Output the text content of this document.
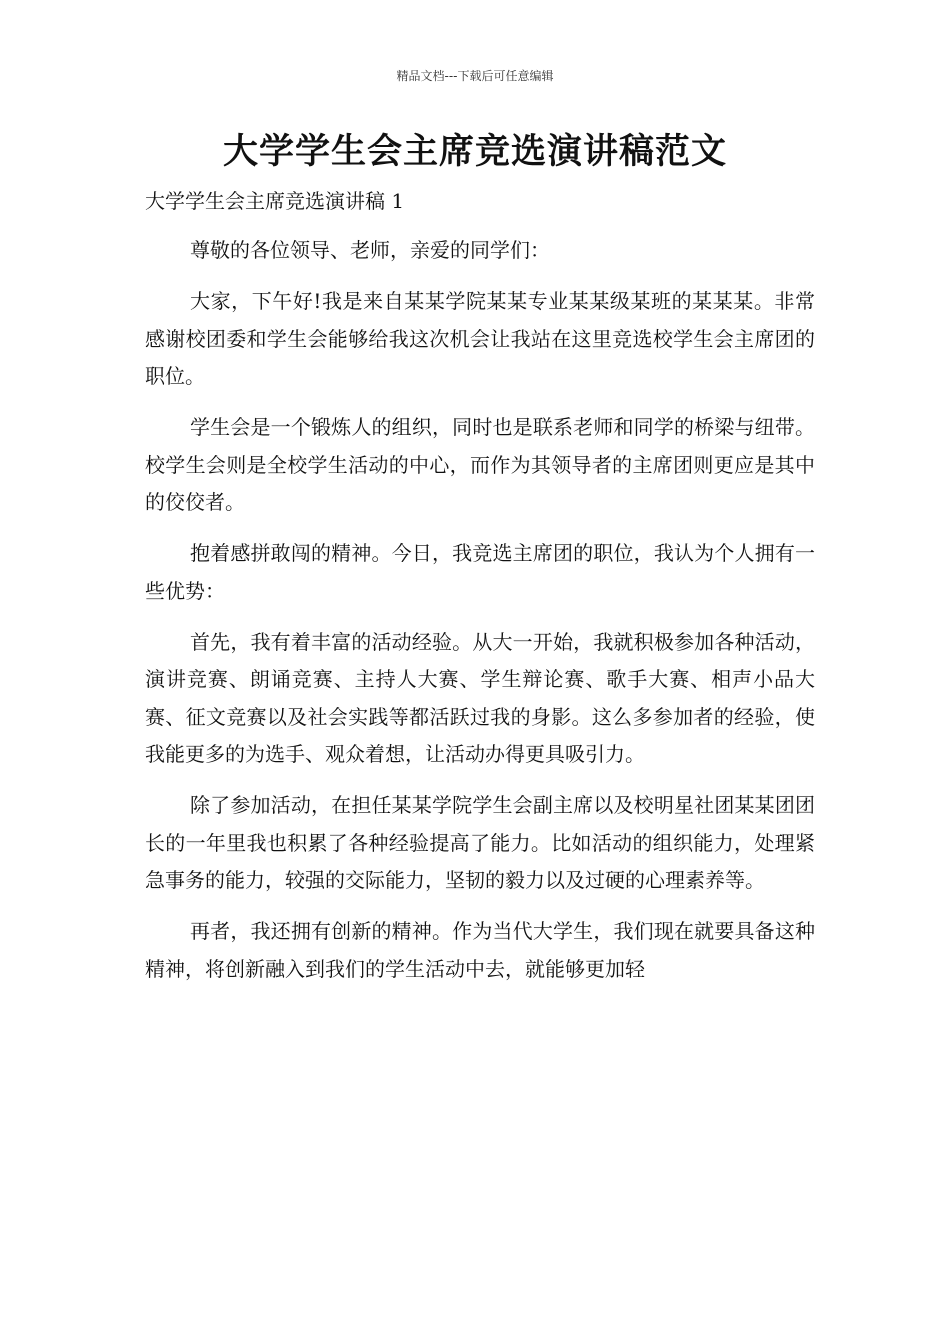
精品文档---下载后可任意编辑
大学学生会主席竞选演讲稿范文
大学学生会主席竞选演讲稿 1

尊敬的各位领导、老师，亲爱的同学们：

大家，下午好!我是来自某某学院某某专业某某级某班的某某某。非常感谢校团委和学生会能够给我这次机会让我站在这里竞选校学生会主席团的职位。

学生会是一个锻炼人的组织，同时也是联系老师和同学的桥梁与纽带。校学生会则是全校学生活动的中心，而作为其领导者的主席团则更应是其中的佼佼者。

抱着感拼敢闯的精神。今日，我竞选主席团的职位，我认为个人拥有一些优势：

首先，我有着丰富的活动经验。从大一开始，我就积极参加各种活动，演讲竞赛、朗诵竞赛、主持人大赛、学生辩论赛、歌手大赛、相声小品大赛、征文竞赛以及社会实践等都活跃过我的身影。这么多参加者的经验，使我能更多的为选手、观众着想，让活动办得更具吸引力。

除了参加活动，在担任某某学院学生会副主席以及校明星社团某某团团长的一年里我也积累了各种经验提高了能力。比如活动的组织能力，处理紧急事务的能力，较强的交际能力，坚韧的毅力以及过硬的心理素养等。

再者，我还拥有创新的精神。作为当代大学生，我们现在就要具备这种精神，将创新融入到我们的学生活动中去，就能够更加轻
